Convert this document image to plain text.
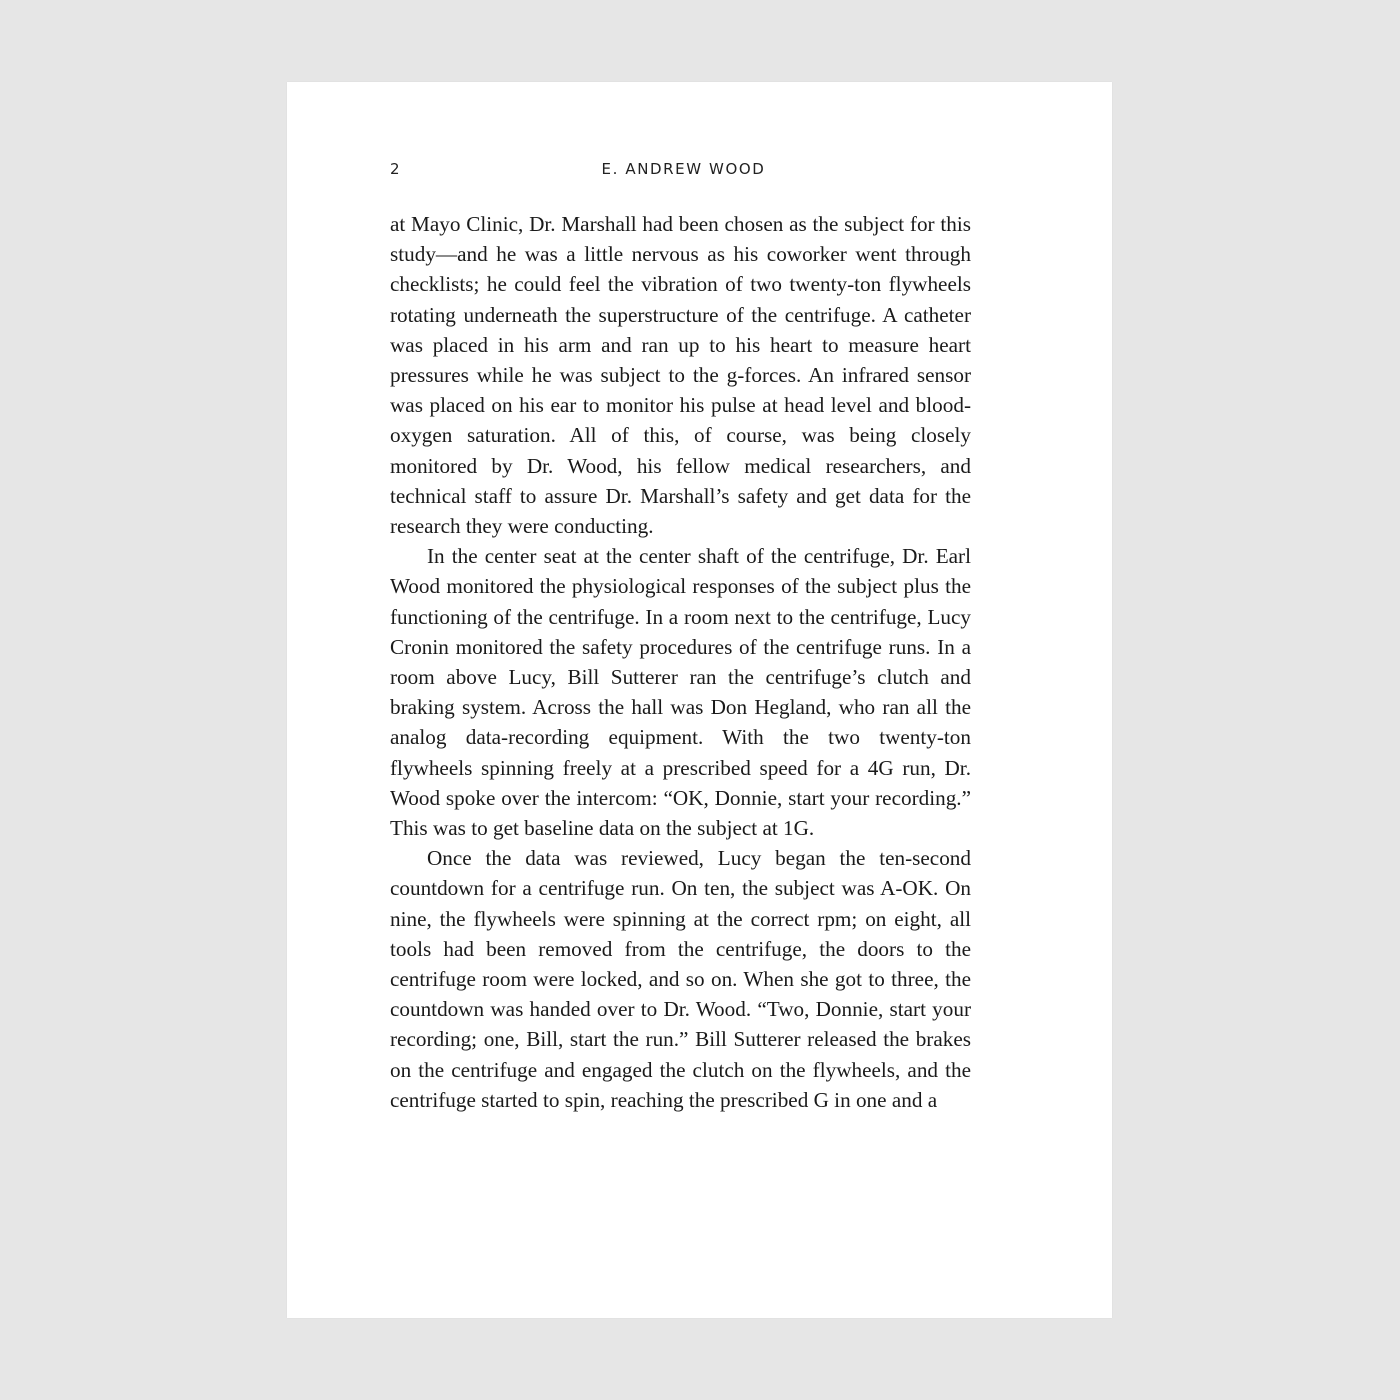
2	E. ANDREW WOOD

at Mayo Clinic, Dr. Marshall had been chosen as the subject for this study—and he was a little nervous as his coworker went through checklists; he could feel the vibration of two twenty-ton flywheels rotating underneath the superstructure of the centrifuge. A catheter was placed in his arm and ran up to his heart to measure heart pressures while he was subject to the g-forces. An infrared sensor was placed on his ear to monitor his pulse at head level and blood-oxygen saturation. All of this, of course, was being closely monitored by Dr. Wood, his fellow medical researchers, and technical staff to assure Dr. Marshall’s safety and get data for the research they were conducting.

In the center seat at the center shaft of the centrifuge, Dr. Earl Wood monitored the physiological responses of the subject plus the functioning of the centrifuge. In a room next to the centrifuge, Lucy Cronin monitored the safety procedures of the centrifuge runs. In a room above Lucy, Bill Sutterer ran the centrifuge’s clutch and braking system. Across the hall was Don Hegland, who ran all the analog data-recording equipment. With the two twenty-ton flywheels spinning freely at a prescribed speed for a 4G run, Dr. Wood spoke over the intercom: “OK, Donnie, start your recording.” This was to get baseline data on the subject at 1G.

Once the data was reviewed, Lucy began the ten-second countdown for a centrifuge run. On ten, the subject was A-OK. On nine, the flywheels were spinning at the correct rpm; on eight, all tools had been removed from the centrifuge, the doors to the centrifuge room were locked, and so on. When she got to three, the countdown was handed over to Dr. Wood. “Two, Donnie, start your recording; one, Bill, start the run.” Bill Sutterer released the brakes on the centrifuge and engaged the clutch on the flywheels, and the centrifuge started to spin, reaching the prescribed G in one and a
